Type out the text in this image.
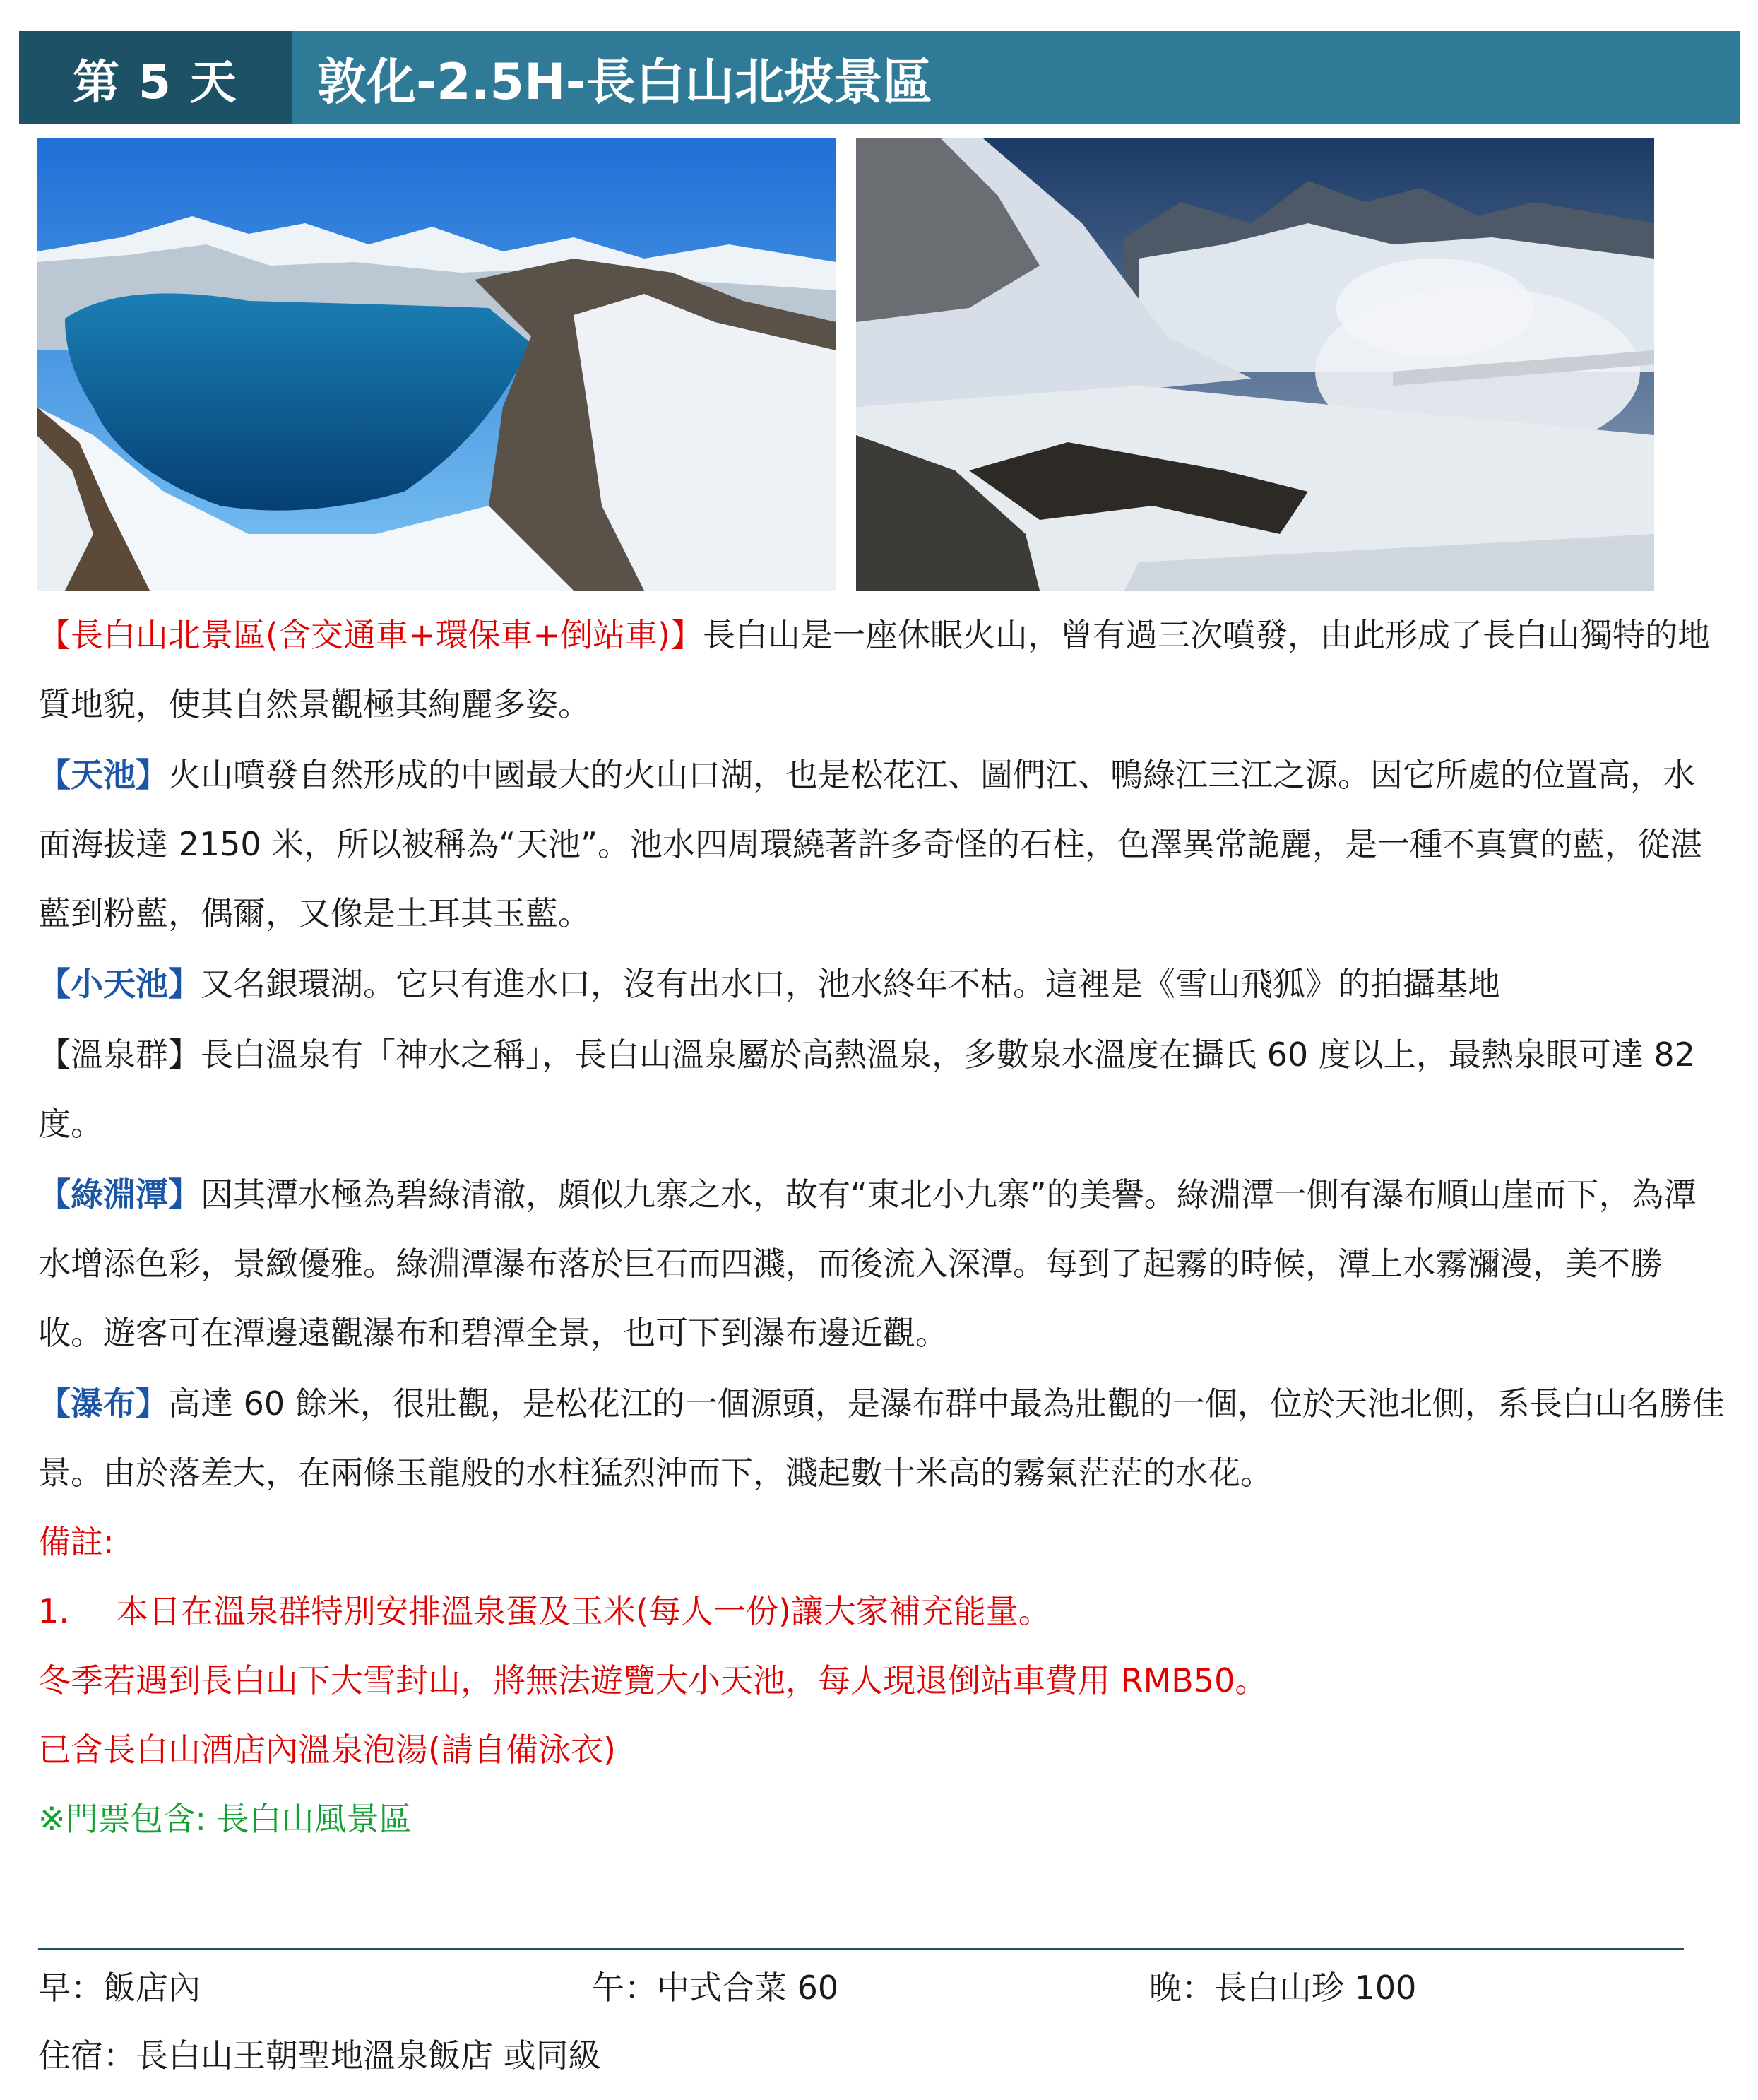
第 5 天	敦化-2.5H-長白山北坡景區

【長白山北景區(含交通車+環保車+倒站車)】長白山是一座休眠火山，曾有過三次噴發，由此形成了長白山獨特的地質地貌，使其自然景觀極其絢麗多姿。

【天池】火山噴發自然形成的中國最大的火山口湖，也是松花江、圖們江、鴨綠江三江之源。因它所處的位置高，水面海拔達 2150 米，所以被稱為“天池”。池水四周環繞著許多奇怪的石柱，色澤異常詭麗，是一種不真實的藍，從湛藍到粉藍，偶爾，又像是土耳其玉藍。

【小天池】又名銀環湖。它只有進水口，沒有出水口，池水終年不枯。這裡是《雪山飛狐》的拍攝基地

【溫泉群】長白溫泉有「神水之稱」，長白山溫泉屬於高熱溫泉，多數泉水溫度在攝氏 60 度以上，最熱泉眼可達 82 度。

【綠淵潭】因其潭水極為碧綠清澈，頗似九寨之水，故有“東北小九寨”的美譽。綠淵潭一側有瀑布順山崖而下，為潭水增添色彩，景緻優雅。綠淵潭瀑布落於巨石而四濺，而後流入深潭。每到了起霧的時候，潭上水霧瀰漫，美不勝收。遊客可在潭邊遠觀瀑布和碧潭全景，也可下到瀑布邊近觀。

【瀑布】高達 60 餘米，很壯觀，是松花江的一個源頭，是瀑布群中最為壯觀的一個，位於天池北側，系長白山名勝佳景。由於落差大，在兩條玉龍般的水柱猛烈沖而下，濺起數十米高的霧氣茫茫的水花。

備註:

1. 本日在溫泉群特別安排溫泉蛋及玉米(每人一份)讓大家補充能量。

冬季若遇到長白山下大雪封山，將無法遊覽大小天池，每人現退倒站車費用 RMB50。

已含長白山酒店內溫泉泡湯(請自備泳衣)

※門票包含: 長白山風景區

早：飯店內	午：中式合菜 60	晚：長白山珍 100
住宿：長白山王朝聖地溫泉飯店 或同級
